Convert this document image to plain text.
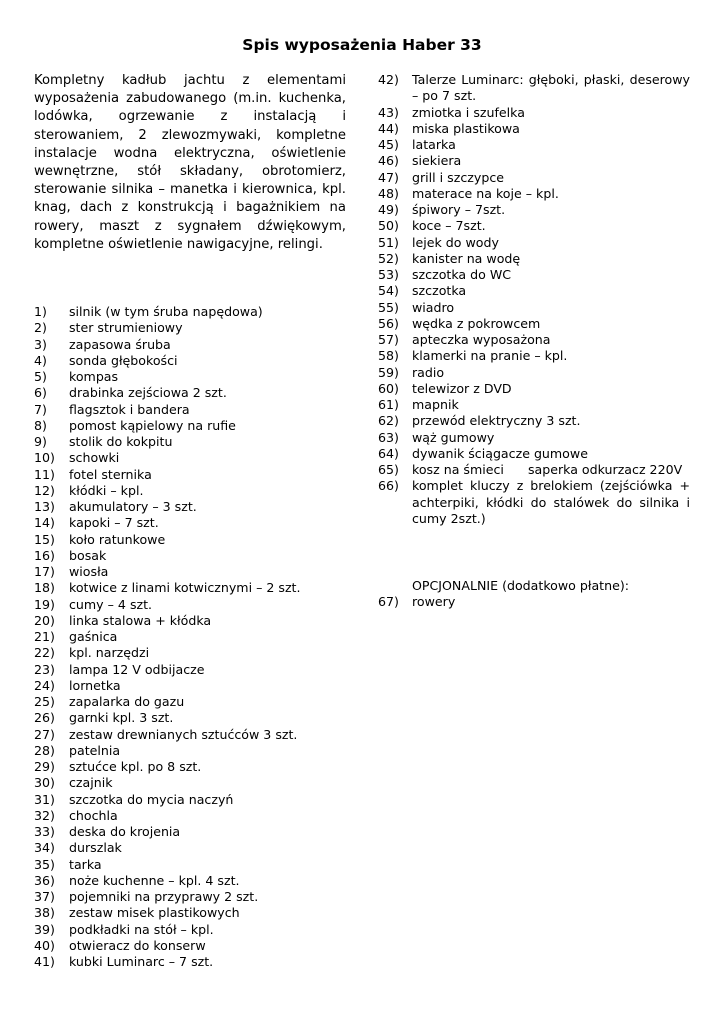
Spis wyposażenia Haber 33

Kompletny kadłub jachtu z elementami wyposażenia zabudowanego (m.in. kuchenka, lodówka, ogrzewanie z instalacją i sterowaniem, 2 zlewozmywaki, kompletne instalacje wodna elektryczna, oświetlenie wewnętrzne, stół składany, obrotomierz, sterowanie silnika – manetka i kierownica, kpl. knag, dach z konstrukcją i bagażnikiem na rowery, maszt z sygnałem dźwiękowym, kompletne oświetlenie nawigacyjne, relingi.

1) silnik (w tym śruba napędowa)
2) ster strumieniowy
3) zapasowa śruba
4) sonda głębokości
5) kompas
6) drabinka zejściowa 2 szt.
7) flagsztok i bandera
8) pomost kąpielowy na rufie
9) stolik do kokpitu
10) schowki
11) fotel sternika
12) kłódki – kpl.
13) akumulatory – 3 szt.
14) kapoki – 7 szt.
15) koło ratunkowe
16) bosak
17) wiosła
18) kotwice z linami kotwicznymi – 2 szt.
19) cumy – 4 szt.
20) linka stalowa + kłódka
21) gaśnica
22) kpl. narzędzi
23) lampa 12 V odbijacze
24) lornetka
25) zapalarka do gazu
26) garnki kpl. 3 szt.
27) zestaw drewnianych sztućców 3 szt.
28) patelnia
29) sztućce kpl. po 8 szt.
30) czajnik
31) szczotka do mycia naczyń
32) chochla
33) deska do krojenia
34) durszlak
35) tarka
36) noże kuchenne – kpl. 4 szt.
37) pojemniki na przyprawy 2 szt.
38) zestaw misek plastikowych
39) podkładki na stół – kpl.
40) otwieracz do konserw
41) kubki Luminarc – 7 szt.
42) Talerze Luminarc: głęboki, płaski, deserowy – po 7 szt.
43) zmiotka i szufelka
44) miska plastikowa
45) latarka
46) siekiera
47) grill i szczypce
48) materace na koje – kpl.
49) śpiwory – 7szt.
50) koce – 7szt.
51) lejek do wody
52) kanister na wodę
53) szczotka do WC
54) szczotka
55) wiadro
56) wędka z pokrowcem
57) apteczka wyposażona
58) klamerki na pranie – kpl.
59) radio
60) telewizor z DVD
61) mapnik
62) przewód elektryczny 3 szt.
63) wąż gumowy
64) dywanik ściągacze gumowe
65) kosz na śmieci saperka odkurzacz 220V
66) komplet kluczy z brelokiem (zejściówka + achterpiki, kłódki do stalówek do silnika i cumy 2szt.)
OPCJONALNIE (dodatkowo płatne):
67) rowery
